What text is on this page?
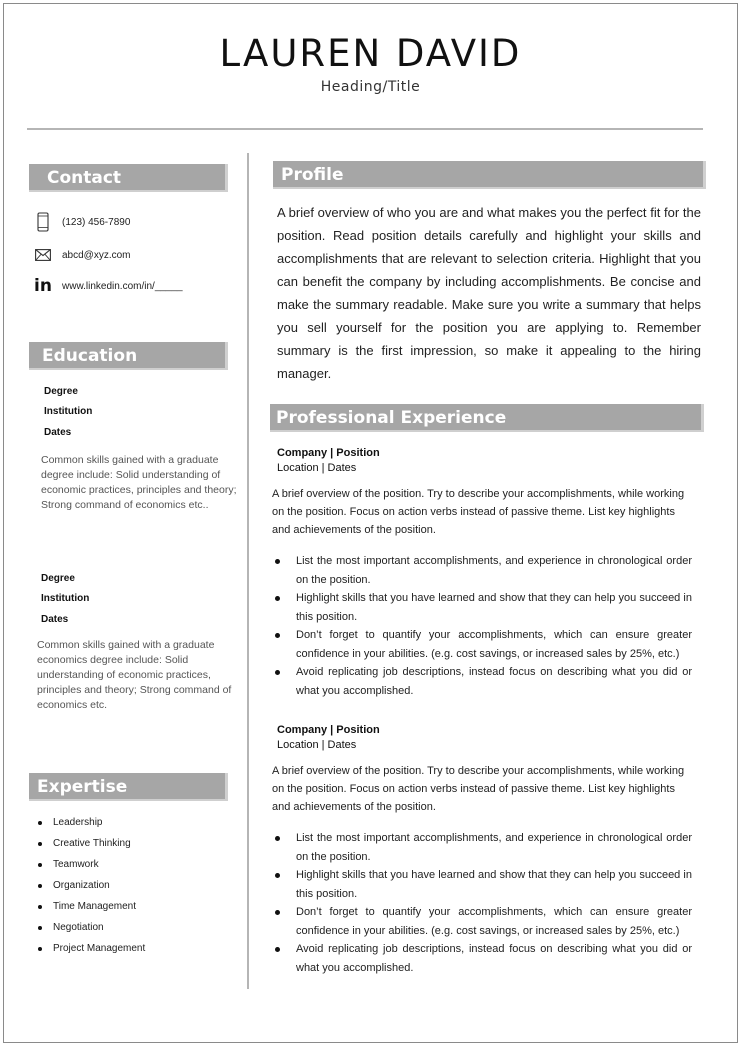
LAUREN DAVID
Heading/Title
Contact
(123) 456-7890
abcd@xyz.com
in www.linkedin.com/in/_____
Education
Degree
Institution
Dates
Common skills gained with a graduate degree include: Solid understanding of economic practices, principles and theory; Strong command of economics etc..
Degree
Institution
Dates
Common skills gained with a graduate economics degree include: Solid understanding of economic practices, principles and theory; Strong command of economics etc.
Expertise
Leadership
Creative Thinking
Teamwork
Organization
Time Management
Negotiation
Project Management
Profile
A brief overview of who you are and what makes you the perfect fit for the position. Read position details carefully and highlight your skills and accomplishments that are relevant to selection criteria. Highlight that you can benefit the company by including accomplishments. Be concise and make the summary readable. Make sure you write a summary that helps you sell yourself for the position you are applying to. Remember summary is the first impression, so make it appealing to the hiring manager.
Professional Experience
Company | Position
Location | Dates
A brief overview of the position. Try to describe your accomplishments, while working on the position. Focus on action verbs instead of passive theme. List key highlights and achievements of the position.
List the most important accomplishments, and experience in chronological order on the position.
Highlight skills that you have learned and show that they can help you succeed in this position.
Don’t forget to quantify your accomplishments, which can ensure greater confidence in your abilities. (e.g. cost savings, or increased sales by 25%, etc.)
Avoid replicating job descriptions, instead focus on describing what you did or what you accomplished.
Company | Position
Location | Dates
A brief overview of the position. Try to describe your accomplishments, while working on the position. Focus on action verbs instead of passive theme. List key highlights and achievements of the position.
List the most important accomplishments, and experience in chronological order on the position.
Highlight skills that you have learned and show that they can help you succeed in this position.
Don’t forget to quantify your accomplishments, which can ensure greater confidence in your abilities. (e.g. cost savings, or increased sales by 25%, etc.)
Avoid replicating job descriptions, instead focus on describing what you did or what you accomplished.
